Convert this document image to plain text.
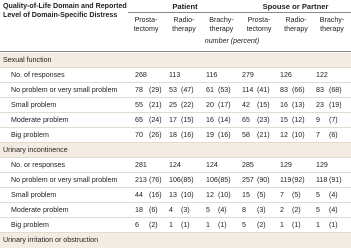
Quality-of-Life Domain and Reported
Level of Domain-Specific Distress
Patient	Spouse or Partner
Prosta-
tectomy
Radio-
therapy
Brachy-
therapy
Prosta-
tectomy
Radio-
therapy
Brachy-
therapy
number (percent)
Sexual function
No. of responses	268	113	116	279	126	122
No problem or very small problem 78 (29) 53 (47) 61 (53) 114 (41) 83 (66) 83 (68)
Small problem	55 (21) 25 (22) 20 (17) 42 (15) 16 (13) 23 (19)
Moderate problem	65 (24) 17 (15) 16 (14) 65 (23) 15 (12) 9 (7)
Big problem	70 (26) 18 (16) 19 (16) 58 (21) 12 (10) 7 (6)
Urinary incontinence
No. or responses	281	124	124	285	129	129
No problem or very small problem 213 (76) 106 (85) 106 (85) 257 (90) 119 (92) 118 (91)
Small problem	44 (16) 13 (10) 12 (10) 15 (5) 7 (5) 5 (4)
Moderate problem	18 (6) 4 (3) 5 (4) 8 (3) 2 (2) 5 (4)
Big problem	6 (2) 1 (1) 1 (1) 5 (2) 1 (1) 1 (1)
Urinary irritation or obstruction
